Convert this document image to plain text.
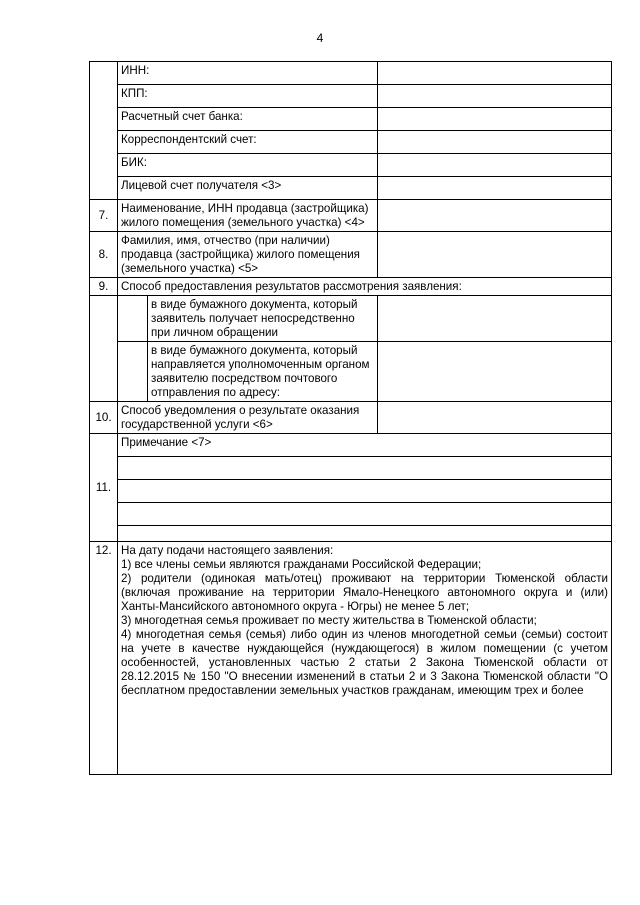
4
	ИНН:		
	КПП:		
	Расчетный счет банка:		
	Корреспондентский счет:		
	БИК:		
	Лицевой счет получателя <3>		
7.	Наименование, ИНН продавца (застройщика) жилого помещения (земельного участка) <4>		
8.	Фамилия, имя, отчество (при наличии) продавца (застройщика) жилого помещения (земельного участка) <5>		
9.	Способ предоставления результатов рассмотрения заявления:		
		в виде бумажного документа, который заявитель получает непосредственно при личном обращении	
		в виде бумажного документа, который направляется уполномоченным органом заявителю посредством почтового отправления по адресу:	
10.	Способ уведомления о результате оказания государственной услуги <6>		
11.	Примечание <7>		

12.	На дату подачи настоящего заявления:
1) все члены семьи являются гражданами Российской Федерации;
2) родители (одинокая мать/отец) проживают на территории Тюменской области (включая проживание на территории Ямало-Ненецкого автономного округа и (или) Ханты-Мансийского автономного округа - Югры) не менее 5 лет;
3) многодетная семья проживает по месту жительства в Тюменской области;
4) многодетная семья (семья) либо один из членов многодетной семьи (семьи) состоит на учете в качестве нуждающейся (нуждающегося) в жилом помещении (с учетом особенностей, установленных частью 2 статьи 2 Закона Тюменской области от 28.12.2015 № 150 "О внесении изменений в статьи 2 и 3 Закона Тюменской области "О бесплатном предоставлении земельных участков гражданам, имеющим трех и более		
